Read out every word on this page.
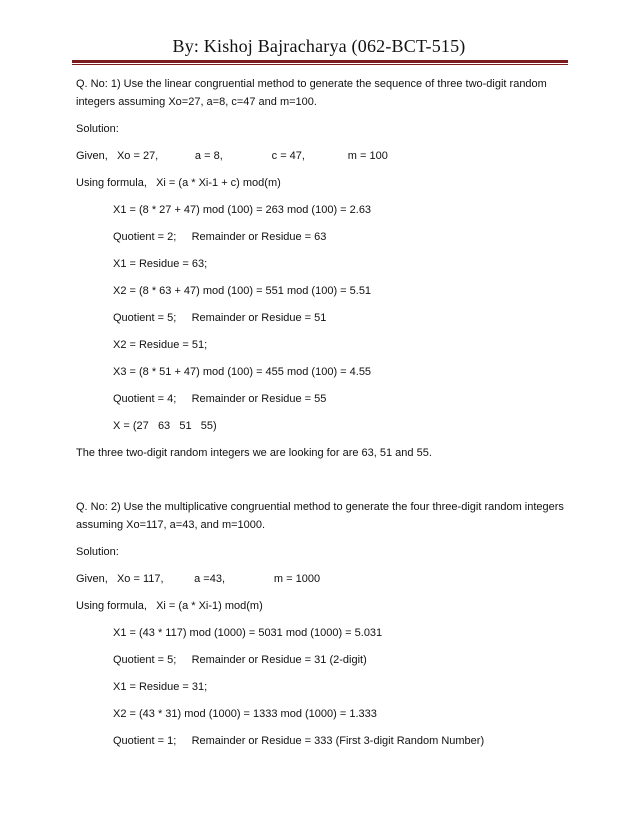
By: Kishoj Bajracharya (062-BCT-515)
Q. No: 1) Use the linear congruential method to generate the sequence of three two-digit random
integers assuming Xo=27, a=8, c=47 and m=100.
Solution:
Given,   Xo = 27,            a = 8,                c = 47,              m = 100
Using formula,   Xi = (a * Xi-1 + c) mod(m)
X1 = (8 * 27 + 47) mod (100) = 263 mod (100) = 2.63
Quotient = 2;     Remainder or Residue = 63
X1 = Residue = 63;
X2 = (8 * 63 + 47) mod (100) = 551 mod (100) = 5.51
Quotient = 5;     Remainder or Residue = 51
X2 = Residue = 51;
X3 = (8 * 51 + 47) mod (100) = 455 mod (100) = 4.55
Quotient = 4;     Remainder or Residue = 55
X = (27   63   51   55)
The three two-digit random integers we are looking for are 63, 51 and 55.
Q. No: 2) Use the multiplicative congruential method to generate the four three-digit random integers
assuming Xo=117, a=43, and m=1000.
Solution:
Given,   Xo = 117,          a =43,                m = 1000
Using formula,   Xi = (a * Xi-1) mod(m)
X1 = (43 * 117) mod (1000) = 5031 mod (1000) = 5.031
Quotient = 5;     Remainder or Residue = 31 (2-digit)
X1 = Residue = 31;
X2 = (43 * 31) mod (1000) = 1333 mod (1000) = 1.333
Quotient = 1;     Remainder or Residue = 333 (First 3-digit Random Number)
